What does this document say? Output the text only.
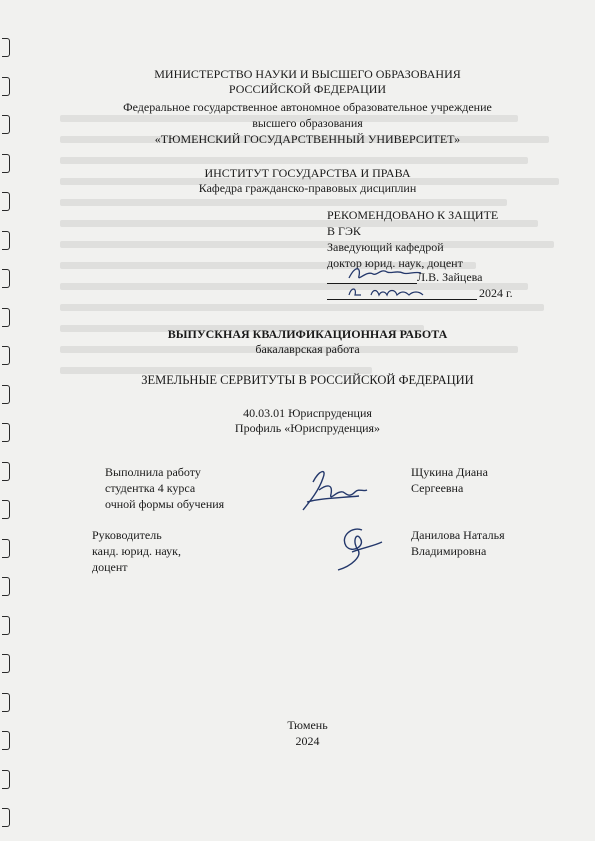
МИНИСТЕРСТВО НАУКИ И ВЫСШЕГО ОБРАЗОВАНИЯ
РОССИЙСКОЙ ФЕДЕРАЦИИ
Федеральное государственное автономное образовательное учреждение
высшего образования
«ТЮМЕНСКИЙ ГОСУДАРСТВЕННЫЙ УНИВЕРСИТЕТ»
ИНСТИТУТ ГОСУДАРСТВА И ПРАВА
Кафедра гражданско-правовых дисциплин
РЕКОМЕНДОВАНО К ЗАЩИТЕ
В ГЭК
Заведующий кафедрой
доктор юрид. наук, доцент
Л.В. Зайцева
2024 г.
ВЫПУСКНАЯ КВАЛИФИКАЦИОННАЯ РАБОТА
бакалаврская работа
ЗЕМЕЛЬНЫЕ СЕРВИТУТЫ В РОССИЙСКОЙ ФЕДЕРАЦИИ
40.03.01 Юриспруденция
Профиль «Юриспруденция»
Выполнила работу
студентка 4 курса
очной формы обучения
Щукина Диана
Сергеевна
Руководитель
канд. юрид. наук,
доцент
Данилова Наталья
Владимировна
Тюмень
2024
